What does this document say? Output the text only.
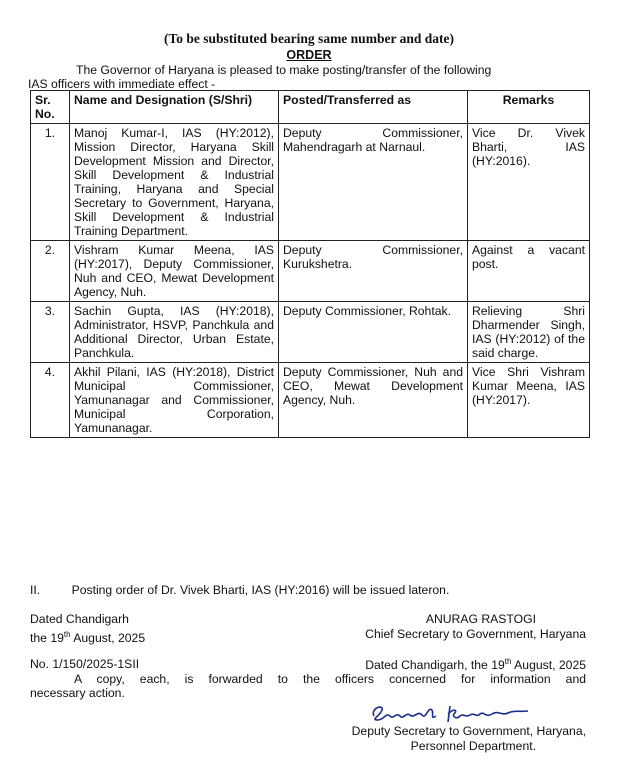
(To be substituted bearing same number and date)
ORDER
The Governor of Haryana is pleased to make posting/transfer of the following
IAS officers with immediate effect -
Sr. No.	Name and Designation (S/Shri)	Posted/Transferred as	Remarks
1.	Manoj Kumar-I, IAS (HY:2012), Mission Director, Haryana Skill Development Mission and Director, Skill Development & Industrial Training, Haryana and Special Secretary to Government, Haryana, Skill Development & Industrial Training Department.	Deputy Commissioner, Mahendragarh at Narnaul.	Vice Dr. Vivek Bharti, IAS (HY:2016).
2.	Vishram Kumar Meena, IAS (HY:2017), Deputy Commissioner, Nuh and CEO, Mewat Development Agency, Nuh.	Deputy Commissioner, Kurukshetra.	Against a vacant post.
3.	Sachin Gupta, IAS (HY:2018), Administrator, HSVP, Panchkula and Additional Director, Urban Estate, Panchkula.	Deputy Commissioner, Rohtak.	Relieving Shri Dharmender Singh, IAS (HY:2012) of the said charge.
4.	Akhil Pilani, IAS (HY:2018), District Municipal Commissioner, Yamunanagar and Commissioner, Municipal Corporation, Yamunanagar.	Deputy Commissioner, Nuh and CEO, Mewat Development Agency, Nuh.	Vice Shri Vishram Kumar Meena, IAS (HY:2017).
II.	Posting order of Dr. Vivek Bharti, IAS (HY:2016) will be issued lateron.
Dated Chandigarh
the 19th August, 2025
ANURAG RASTOGI
Chief Secretary to Government, Haryana
No. 1/150/2025-1SII	Dated Chandigarh, the 19th August, 2025
A copy, each, is forwarded to the officers concerned for information and
necessary action.
Deputy Secretary to Government, Haryana,
Personnel Department.
